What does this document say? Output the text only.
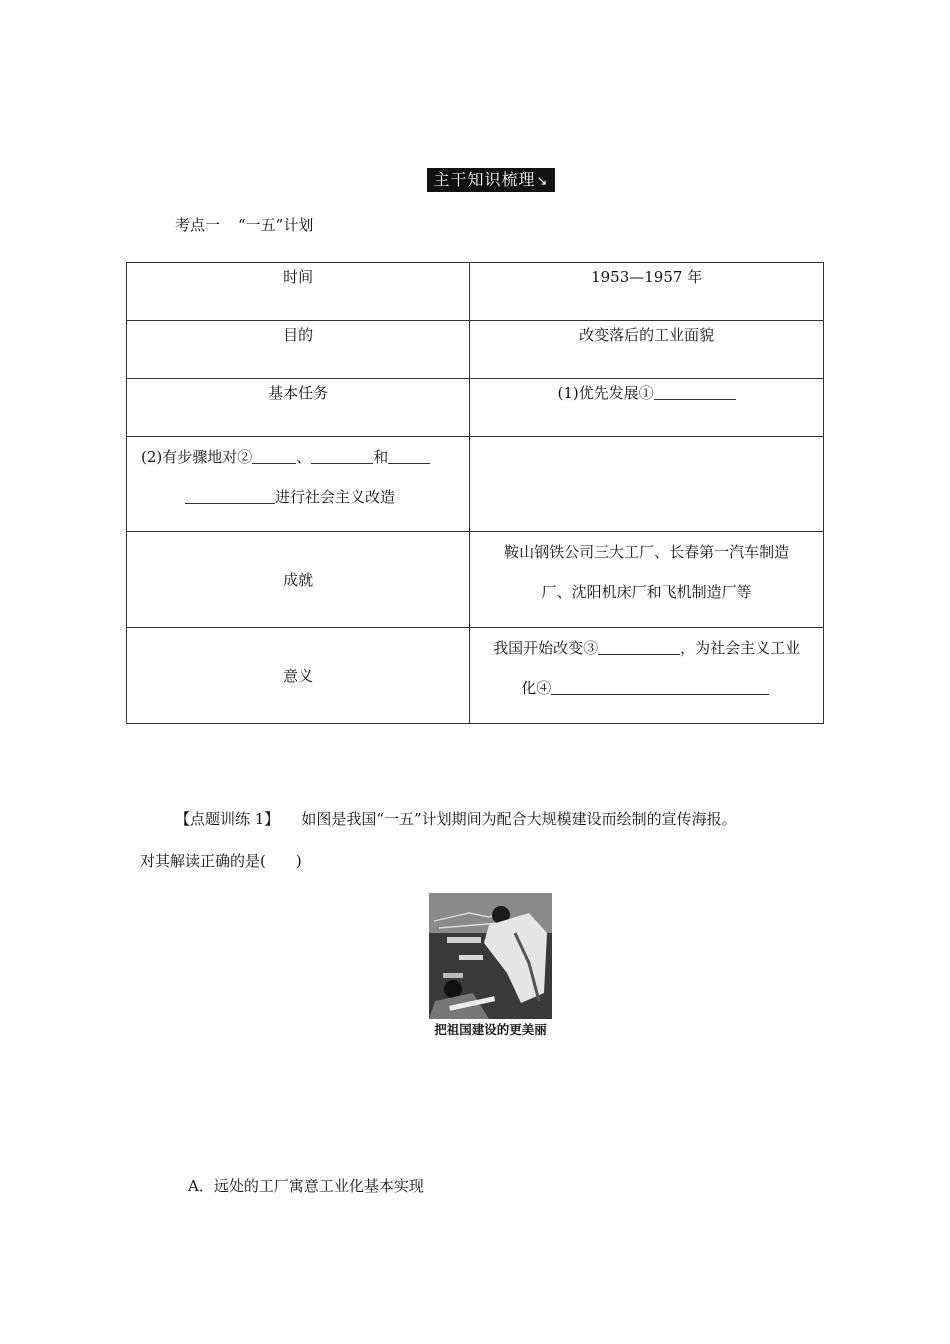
主干知识梳理↘
考点一 “一五”计划
时间	1953—1957 年
目的	改变落后的工业面貌
基本任务	(1)优先发展①

(2)有步骤地对② 、 和
进行社会主义改造	

成就	鞍山钢铁公司三大工厂、长春第一汽车制造
厂、沈阳机床厂和飞机制造厂等

意义	我国开始改变③ ，为社会主义工业
化④
【点题训练 1】 如图是我国“一五”计划期间为配合大规模建设而绘制的宣传海报。
对其解读正确的是(　　)
把祖国建设的更美丽
A．远处的工厂寓意工业化基本实现
